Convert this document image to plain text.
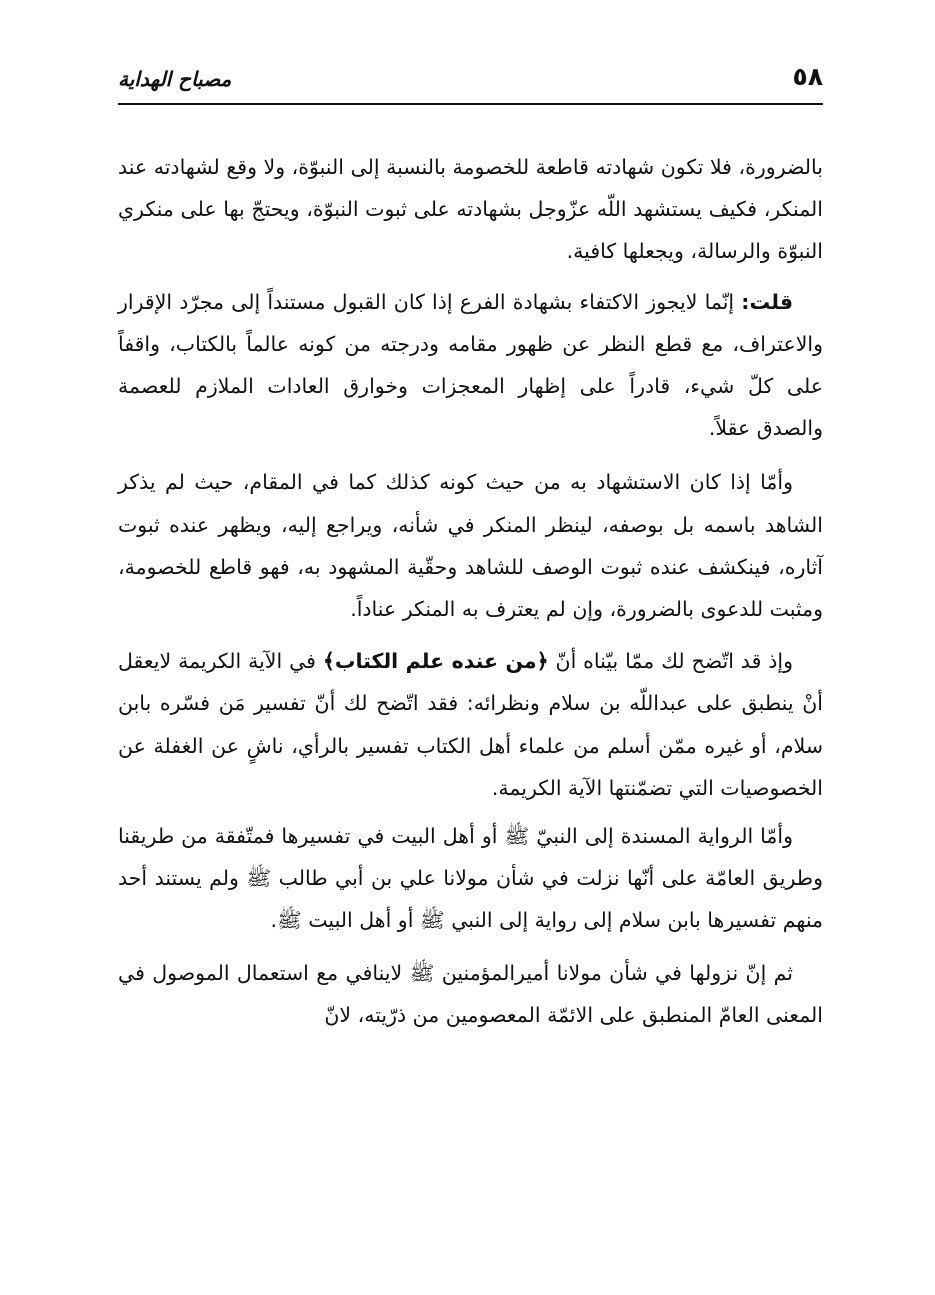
٥٨
مصباح الهداية

بالضرورة، فلا تكون شهادته قاطعة للخصومة بالنسبة إلى النبوّة، ولا وقع لشهادته عند المنكر، فكيف يستشهد اللّه عزّوجل بشهادته على ثبوت النبوّة، ويحتجّ بها على منكري النبوّة والرسالة، ويجعلها كافية.

قلت: إنّما لايجوز الاكتفاء بشهادة الفرع إذا كان القبول مستنداً إلى مجرّد الإقرار والاعتراف، مع قطع النظر عن ظهور مقامه ودرجته من كونه عالماً بالكتاب، واقفاً على كلّ شيء، قادراً على إظهار المعجزات وخوارق العادات الملازم للعصمة والصدق عقلاً.

وأمّا إذا كان الاستشهاد به من حيث كونه كذلك كما في المقام، حيث لم يذكر الشاهد باسمه بل بوصفه، لينظر المنكر في شأنه، ويراجع إليه، ويظهر عنده ثبوت آثاره، فينكشف عنده ثبوت الوصف للشاهد وحقّية المشهود به، فهو قاطع للخصومة، ومثبت للدعوى بالضرورة، وإن لم يعترف به المنكر عناداً.

وإذ قد اتّضح لك ممّا بيّناه أنّ ﴿من عنده علم الكتاب﴾ في الآية الكريمة لايعقل أنْ ينطبق على عبداللّه بن سلام ونظرائه: فقد اتّضح لك أنّ تفسير مَن فسّره بابن سلام، أو غيره ممّن أسلم من علماء أهل الكتاب تفسير بالرأي، ناشٍ عن الغفلة عن الخصوصيات التي تضمّنتها الآية الكريمة.

وأمّا الرواية المسندة إلى النبيّ ﷺ أو أهل البيت في تفسيرها فمتّفقة من طريقنا وطريق العامّة على أنّها نزلت في شأن مولانا علي بن أبي طالب ﷺ ولم يستند أحد منهم تفسيرها بابن سلام إلى رواية إلى النبي ﷺ أو أهل البيت ﷺ.

ثم إنّ نزولها في شأن مولانا أميرالمؤمنين ﷺ لاينافي مع استعمال الموصول في المعنى العامّ المنطبق على الائمّة المعصومين من ذرّيته، لانّ
